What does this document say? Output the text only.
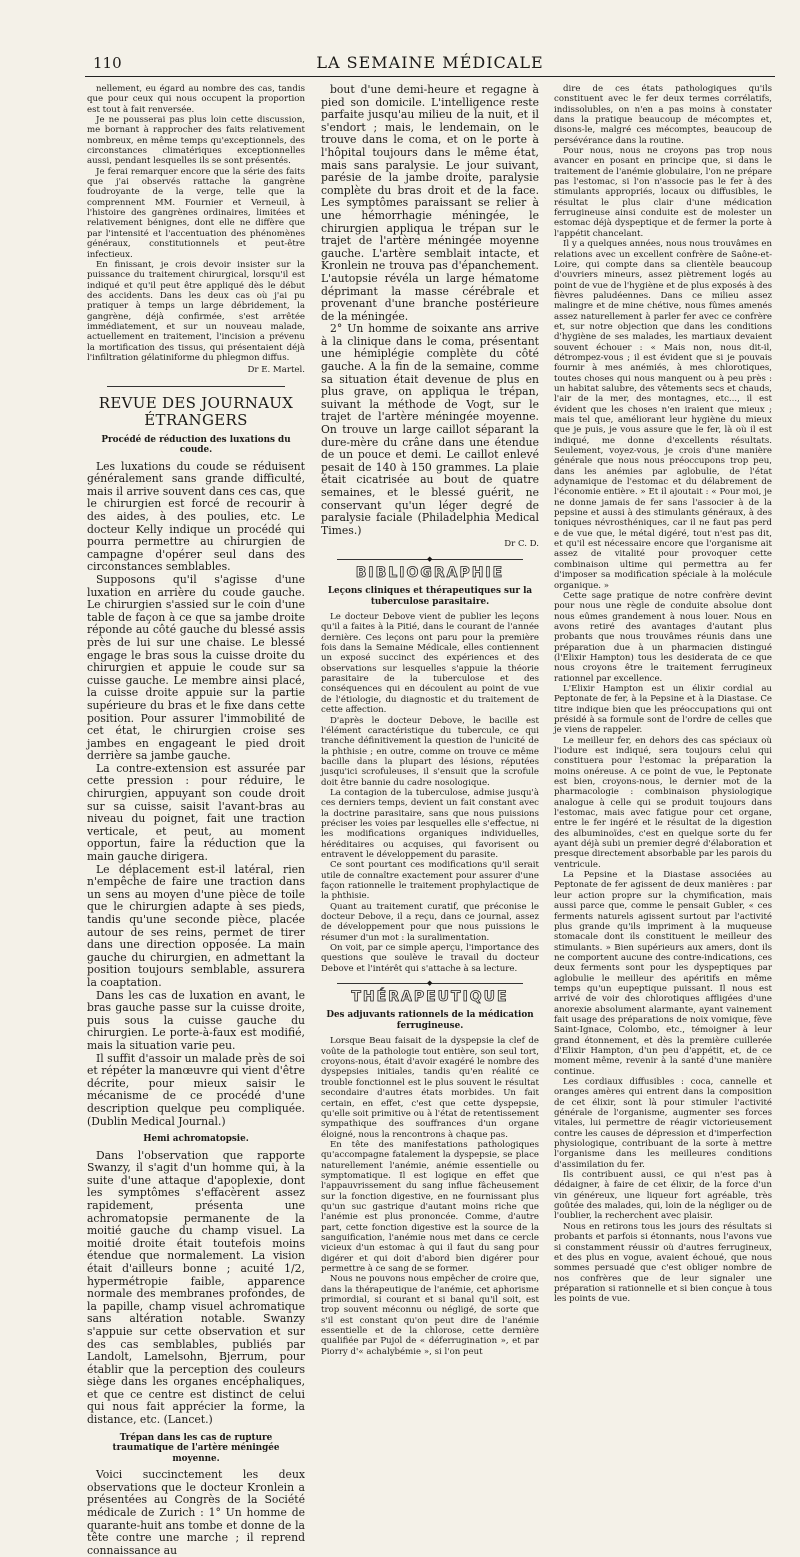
110	LA SEMAINE MÉDICALE

nellement, eu égard au nombre des cas, tandis que pour ceux qui nous occupent la proportion est tout à fait renversée.

Je ne pousserai pas plus loin cette discussion, me bornant à rapprocher des faits relativement nombreux, en même temps qu'exceptionnels, des circonstances climatériques exceptionnelles aussi, pendant lesquelles ils se sont présentés.

Je ferai remarquer encore que la série des faits que j'ai observés rattache la gangrène foudroyante de la verge, telle que la comprennent MM. Fournier et Verneuil, à l'histoire des gangrènes ordinaires, limitées et relativement bénignes, dont elle ne diffère que par l'intensité et l'accentuation des phénomènes généraux, constitutionnels et peut-être infectieux.

En finissant, je crois devoir insister sur la puissance du traitement chirurgical, lorsqu'il est indiqué et qu'il peut être appliqué dès le début des accidents. Dans les deux cas où j'ai pu pratiquer à temps un large débridement, la gangrène, déjà confirmée, s'est arrêtée immédiatement, et sur un nouveau malade, actuellement en traitement, l'incision a prévenu la mortification des tissus, qui présentaient déjà l'infiltration gélatiniforme du phlegmon diffus.

Dr E. Martel.
REVUE DES JOURNAUX ÉTRANGERS
Procédé de réduction des luxations du coude.

Les luxations du coude se réduisent généralement sans grande difficulté, mais il arrive souvent dans ces cas, que le chirurgien est forcé de recourir à des aides, à des poulies, etc. Le docteur Kelly indique un procédé qui pourra permettre au chirurgien de campagne d'opérer seul dans des circonstances semblables.

Supposons qu'il s'agisse d'une luxation en arrière du coude gauche. Le chirurgien s'assied sur le coin d'une table de façon à ce que sa jambe droite réponde au côté gauche du blessé assis près de lui sur une chaise. Le blessé engage le bras sous la cuisse droite du chirurgien et appuie le coude sur sa cuisse gauche. Le membre ainsi placé, la cuisse droite appuie sur la partie supérieure du bras et le fixe dans cette position. Pour assurer l'immobilité de cet état, le chirurgien croise ses jambes en engageant le pied droit derrière sa jambe gauche.

La contre-extension est assurée par cette pression : pour réduire, le chirurgien, appuyant son coude droit sur sa cuisse, saisit l'avant-bras au niveau du poignet, fait une traction verticale, et peut, au moment opportun, faire la réduction que la main gauche dirigera.

Le déplacement est-il latéral, rien n'empêche de faire une traction dans un sens au moyen d'une pièce de toile que le chirurgien adapte à ses pieds, tandis qu'une seconde pièce, placée autour de ses reins, permet de tirer dans une direction opposée. La main gauche du chirurgien, en admettant la position toujours semblable, assurera la coaptation.

Dans les cas de luxation en avant, le bras gauche passe sur la cuisse droite, puis sous la cuisse gauche du chirurgien. Le porte-à-faux est modifié, mais la situation varie peu.

Il suffit d'assoir un malade près de soi et répéter la manœuvre qui vient d'être décrite, pour mieux saisir le mécanisme de ce procédé d'une description quelque peu compliquée. (Dublin Medical Journal.)

Hemi achromatopsie.

Dans l'observation que rapporte Swanzy, il s'agit d'un homme qui, à la suite d'une attaque d'apoplexie, dont les symptômes s'effacèrent assez rapidement, présenta une achromatopsie permanente de la moitié gauche du champ visuel. La moitié droite était toutefois moins étendue que normalement. La vision était d'ailleurs bonne ; acuité 1/2, hypermétropie faible, apparence normale des membranes profondes, de la papille, champ visuel achromatique sans altération notable. Swanzy s'appuie sur cette observation et sur des cas semblables, publiés par Landolt, Lamelsohn, Bjerrum, pour établir que la perception des couleurs siège dans les organes encéphaliques, et que ce centre est distinct de celui qui nous fait apprécier la forme, la distance, etc. (Lancet.)

Trépan dans les cas de rupture traumatique de l'artère méningée moyenne.

Voici succinctement les deux observations que le docteur Kronlein a présentées au Congrès de la Société médicale de Zurich : 1° Un homme de quarante-huit ans tombe et donne de la tête contre une marche ; il reprend connaissance au

bout d'une demi-heure et regagne à pied son domicile. L'intelligence reste parfaite jusqu'au milieu de la nuit, et il s'endort ; mais, le lendemain, on le trouve dans le coma, et on le porte à l'hôpital toujours dans le même état, mais sans paralysie. Le jour suivant, parésie de la jambe droite, paralysie complète du bras droit et de la face. Les symptômes paraissant se relier à une hémorrhagie méningée, le chirurgien appliqua le trépan sur le trajet de l'artère méningée moyenne gauche. L'artère semblait intacte, et Kronlein ne trouva pas d'épanchement. L'autopsie révéla un large hématome déprimant la masse cérébrale et provenant d'une branche postérieure de la méningée.

2° Un homme de soixante ans arrive à la clinique dans le coma, présentant une hémiplégie complète du côté gauche. A la fin de la semaine, comme sa situation était devenue de plus en plus grave, on appliqua le trépan, suivant la méthode de Vogt, sur le trajet de l'artère méningée moyenne. On trouve un large caillot séparant la dure-mère du crâne dans une étendue de un pouce et demi. Le caillot enlevé pesait de 140 à 150 grammes. La plaie était cicatrisée au bout de quatre semaines, et le blessé guérit, ne conservant qu'un léger degré de paralysie faciale (Philadelphia Medical Times.)

Dr C. D.
◆
BIBLIOGRAPHIE
Leçons cliniques et thérapeutiques sur la tuberculose parasitaire.

Le docteur Debove vient de publier les leçons qu'il a faites à la Pitié, dans le courant de l'année dernière. Ces leçons ont paru pour la première fois dans la Semaine Médicale, elles contiennent un exposé succinct des expériences et des observations sur lesquelles s'appuie la théorie parasitaire de la tuberculose et des conséquences qui en découlent au point de vue de l'étiologie, du diagnostic et du traitement de cette affection.

D'après le docteur Debove, le bacille est l'élément caractéristique du tubercule, ce qui tranche définitivement la question de l'unicité de la phthisie ; en outre, comme on trouve ce même bacille dans la plupart des lésions, réputées jusqu'ici scrofuleuses, il s'ensuit que la scrofule doit être bannie du cadre nosologique.

La contagion de la tuberculose, admise jusqu'à ces derniers temps, devient un fait constant avec la doctrine parasitaire, sans que nous puissions préciser les voies par lesquelles elle s'effectue, ni les modifications organiques individuelles, héréditaires ou acquises, qui favorisent ou entravent le développement du parasite.

Ce sont pourtant ces modifications qu'il serait utile de connaître exactement pour assurer d'une façon rationnelle le traitement prophylactique de la phthisie.

Quant au traitement curatif, que préconise le docteur Debove, il a reçu, dans ce journal, assez de développement pour que nous puissions le résumer d'un mot : la suralimentation.

On voit, par ce simple aperçu, l'importance des questions que soulève le travail du docteur Debove et l'intérêt qui s'attache à sa lecture.

◆
THÉRAPEUTIQUE
Des adjuvants rationnels de la médication ferrugineuse.

Lorsque Beau faisait de la dyspepsie la clef de voûte de la pathologie tout entière, son seul tort, croyons-nous, était d'avoir exagéré le nombre des dyspepsies initiales, tandis qu'en réalité ce trouble fonctionnel est le plus souvent le résultat secondaire d'autres états morbides. Un fait certain, en effet, c'est que cette dyspepsie, qu'elle soit primitive ou à l'état de retentissement sympathique des souffrances d'un organe éloigné, nous la rencontrons à chaque pas.

En tête des manifestations pathologiques qu'accompagne fatalement la dyspepsie, se place naturellement l'anémie, anémie essentielle ou symptomatique. Il est logique en effet que l'appauvrissement du sang influe fâcheusement sur la fonction digestive, en ne fournissant plus qu'un suc gastrique d'autant moins riche que l'anémie est plus prononcée. Comme, d'autre part, cette fonction digestive est la source de la sanguification, l'anémie nous met dans ce cercle vicieux d'un estomac à qui il faut du sang pour digérer et qui doit d'abord bien digérer pour permettre à ce sang de se former.

Nous ne pouvons nous empêcher de croire que, dans la thérapeutique de l'anémie, cet aphorisme primordial, si courant et si banal qu'il soit, est trop souvent méconnu ou négligé, de sorte que s'il est constant qu'on peut dire de l'anémie essentielle et de la chlorose, cette dernière qualifiée par Pujol de « déferrugination », et par Piorry d'« achalybémie », si l'on peut

dire de ces états pathologiques qu'ils constituent avec le fer deux termes corrélatifs, indissolubles, on n'en a pas moins à constater dans la pratique beaucoup de mécomptes et, disons-le, malgré ces mécomptes, beaucoup de persévérance dans la routine.

Pour nous, nous ne croyons pas trop nous avancer en posant en principe que, si dans le traitement de l'anémie globulaire, l'on ne prépare pas l'estomac, si l'on n'associe pas le fer à des stimulants appropriés, locaux ou diffusibles, le résultat le plus clair d'une médication ferrugineuse ainsi conduite est de molester un estomac déjà dyspeptique et de fermer la porte à l'appétit chancelant.

Il y a quelques années, nous nous trouvâmes en relations avec un excellent confrère de Saône-et-Loire, qui compte dans sa clientèle beaucoup d'ouvriers mineurs, assez piètrement logés au point de vue de l'hygiène et de plus exposés à des fièvres paludéennes. Dans ce milieu assez malingre et de mine chétive, nous fûmes amenés assez naturellement à parler fer avec ce confrère et, sur notre objection que dans les conditions d'hygiène de ses malades, les martiaux devaient souvent échouer : « Mais non, nous dit-il, détrompez-vous ; il est évident que si je pouvais fournir à mes anémiés, à mes chlorotiques, toutes choses qui nous manquent ou à peu près : un habitat salubre, des vêtements secs et chauds, l'air de la mer, des montagnes, etc..., il est évident que les choses n'en iraient que mieux ; mais tel que, améliorant leur hygiène du mieux que je puis, je vous assure que le fer, là où il est indiqué, me donne d'excellents résultats. Seulement, voyez-vous, je crois d'une manière générale que nous nous préoccupons trop peu, dans les anémies par aglobulie, de l'état adynamique de l'estomac et du délabrement de l'économie entière. » Et il ajoutait : « Pour moi, je ne donne jamais de fer sans l'associer à de la pepsine et aussi à des stimulants généraux, à des toniques névrosthéniques, car il ne faut pas perd e de vue que, le métal digéré, tout n'est pas dit, et qu'il est nécessaire encore que l'organisme ait assez de vitalité pour provoquer cette combinaison ultime qui permettra au fer d'imposer sa modification spéciale à la molécule organique. »

Cette sage pratique de notre confrère devint pour nous une règle de conduite absolue dont nous eûmes grandement à nous louer. Nous en avons retiré des avantages d'autant plus probants que nous trouvâmes réunis dans une préparation due à un pharmacien distingué (l'Elixir Hampton) tous les desiderata de ce que nous croyons être le traitement ferrugineux rationnel par excellence.

L'Elixir Hampton est un élixir cordial au Peptonate de fer, à la Pepsine et à la Diastase. Ce titre indique bien que les préoccupations qui ont présidé à sa formule sont de l'ordre de celles que je viens de rappeler.

Le meilleur fer, en dehors des cas spéciaux où l'iodure est indiqué, sera toujours celui qui constituera pour l'estomac la préparation la moins onéreuse. A ce point de vue, le Peptonate est bien, croyons-nous, le dernier mot de la pharmacologie : combinaison physiologique analogue à celle qui se produit toujours dans l'estomac, mais avec fatigue pour cet organe, entre le fer ingéré et le résultat de la digestion des albuminoïdes, c'est en quelque sorte du fer ayant déjà subi un premier degré d'élaboration et presque directement absorbable par les parois du ventricule.

La Pepsine et la Diastase associées au Peptonate de fer agissent de deux manières : par leur action propre sur la chymification, mais aussi parce que, comme le pensait Gubler, « ces ferments naturels agissent surtout par l'activité plus grande qu'ils impriment à la muqueuse stomacale dont ils constituent le meilleur des stimulants. » Bien supérieurs aux amers, dont ils ne comportent aucune des contre-indications, ces deux ferments sont pour les dyspeptiques par aglobulie le meilleur des apéritifs en même temps qu'un eupeptique puissant. Il nous est arrivé de voir des chlorotiques affligées d'une anorexie absolument alarmante, ayant vainement fait usage des préparations de noix vomique, fève Saint-Ignace, Colombo, etc., témoigner à leur grand étonnement, et dès la première cuillerée d'Elixir Hampton, d'un peu d'appétit, et, de ce moment même, revenir à la santé d'une manière continue.

Les cordiaux diffusibles : coca, cannelle et oranges amères qui entrent dans la composition de cet élixir, sont là pour stimuler l'activité générale de l'organisme, augmenter ses forces vitales, lui permettre de réagir victorieusement contre les causes de dépression et d'imperfection physiologique, contribuant de la sorte à mettre l'organisme dans les meilleures conditions d'assimilation du fer.

Ils contribuent aussi, ce qui n'est pas à dédaigner, à faire de cet élixir, de la force d'un vin généreux, une liqueur fort agréable, très goûtée des malades, qui, loin de la négliger ou de l'oublier, la recherchent avec plaisir.

Nous en retirons tous les jours des résultats si probants et parfois si étonnants, nous l'avons vue si constamment réussir où d'autres ferrugineux, et des plus en vogue, avaient échoué, que nous sommes persuadé que c'est obliger nombre de nos confrères que de leur signaler une préparation si rationnelle et si bien conçue à tous les points de vue.
